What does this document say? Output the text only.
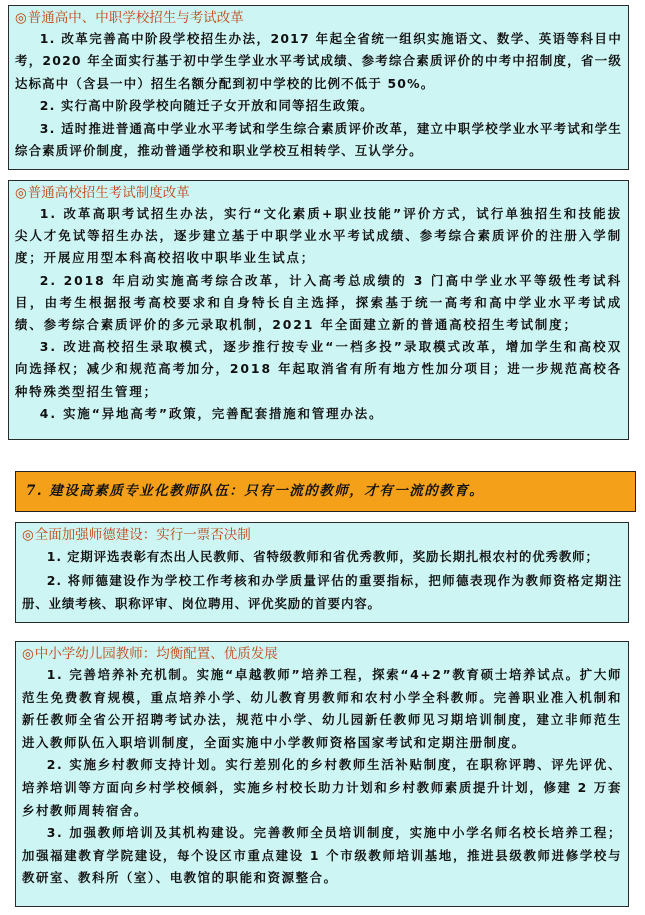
◎普通高中、中职学校招生与考试改革

1. 改革完善高中阶段学校招生办法，2017 年起全省统一组织实施语文、数学、英语等科目中考，2020 年全面实行基于初中学生学业水平考试成绩、参考综合素质评价的中考中招制度，省一级达标高中（含县一中）招生名额分配到初中学校的比例不低于 50%。

2. 实行高中阶段学校向随迁子女开放和同等招生政策。

3. 适时推进普通高中学业水平考试和学生综合素质评价改革，建立中职学校学业水平考试和学生综合素质评价制度，推动普通学校和职业学校互相转学、互认学分。

◎普通高校招生考试制度改革

1. 改革高职考试招生办法，实行“文化素质+职业技能”评价方式，试行单独招生和技能拔尖人才免试等招生办法，逐步建立基于中职学业水平考试成绩、参考综合素质评价的注册入学制度；开展应用型本科高校招收中职毕业生试点；

2. 2018 年启动实施高考综合改革，计入高考总成绩的 3 门高中学业水平等级性考试科目，由考生根据报考高校要求和自身特长自主选择，探索基于统一高考和高中学业水平考试成绩、参考综合素质评价的多元录取机制，2021 年全面建立新的普通高校招生考试制度；

3. 改进高校招生录取模式，逐步推行按专业“一档多投”录取模式改革，增加学生和高校双向选择权；减少和规范高考加分，2018 年起取消省有所有地方性加分项目；进一步规范高校各种特殊类型招生管理；

4. 实施“异地高考”政策，完善配套措施和管理办法。

7. 建设高素质专业化教师队伍：只有一流的教师，才有一流的教育。

◎全面加强师德建设：实行一票否决制

1. 定期评选表彰有杰出人民教师、省特级教师和省优秀教师，奖励长期扎根农村的优秀教师；

2. 将师德建设作为学校工作考核和办学质量评估的重要指标，把师德表现作为教师资格定期注册、业绩考核、职称评审、岗位聘用、评优奖励的首要内容。

◎中小学幼儿园教师：均衡配置、优质发展

1. 完善培养补充机制。实施“卓越教师”培养工程，探索“4+2”教育硕士培养试点。扩大师范生免费教育规模，重点培养小学、幼儿教育男教师和农村小学全科教师。完善职业准入机制和新任教师全省公开招聘考试办法，规范中小学、幼儿园新任教师见习期培训制度，建立非师范生进入教师队伍入职培训制度，全面实施中小学教师资格国家考试和定期注册制度。

2. 实施乡村教师支持计划。实行差别化的乡村教师生活补贴制度，在职称评聘、评先评优、培养培训等方面向乡村学校倾斜，实施乡村校长助力计划和乡村教师素质提升计划，修建 2 万套乡村教师周转宿舍。

3. 加强教师培训及其机构建设。完善教师全员培训制度，实施中小学名师名校长培养工程；加强福建教育学院建设，每个设区市重点建设 1 个市级教师培训基地，推进县级教师进修学校与教研室、教科所（室）、电教馆的职能和资源整合。
